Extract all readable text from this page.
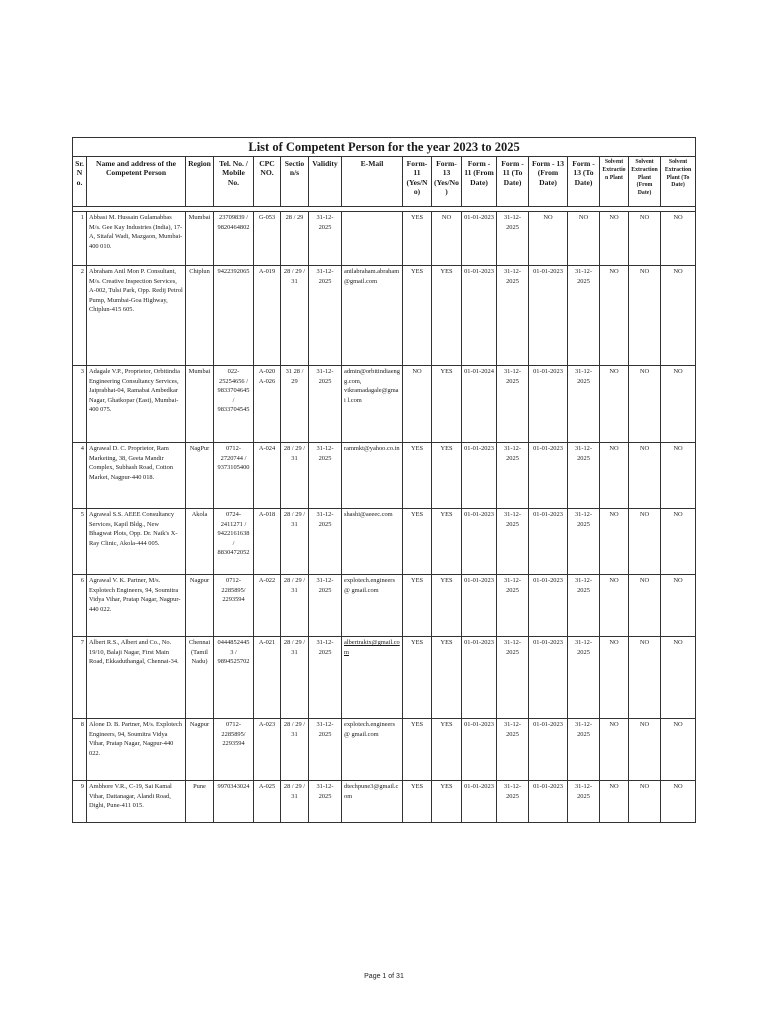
List of Competent Person for the year 2023 to 2025																
Sr. No.	Name and address of the Competent Person	Region	Tel. No. / Mobile No.	CPC NO.	Section/s	Validity	E-Mail	Form-11 (Yes/No)	Form-13 (Yes/No)	Form - 11 (From Date)	Form - 11 (To Date)	Form - 13 (From Date)	Form - 13 (To Date)	Solvent Extraction Plant	Solvent Extraction Plant (From Date)	Solvent Extraction Plant (To Date)

1	Abbasi M. Hussain Gulamabbas M/s. Gee Kay Industries (India), 17-A, Sitafal Wadi, Mazgaon, Mumbai-400 010.	Mumbai	23709839 / 9820464802	G-053	28 / 29	31-12-2025		YES	NO	01-01-2023	31-12-2025	NO	NO	NO	NO	NO
2	Abraham Anil Mon P. Consultant, M/s. Creative Inspection Services, A-002, Tulsi Park, Opp. Redij Petrol Pump, Mumbai-Goa Highway, Chiplun-415 605.	Chiplun	9422392065	A-019	28 / 29 / 31	31-12-2025	anilabraham.abraham @gmail.com	YES	YES	01-01-2023	31-12-2025	01-01-2023	31-12-2025	NO	NO	NO
3	Adagale V.P., Proprietor, Orbitindia Engineering Consultancy Services, Jaiprabhat-04, Ramabai Ambedkar Nagar, Ghatkopar (East), Mumbai-400 075.	Mumbai	022-25254656 / 9833704645 / 9833704545	A-020 A-026	31 28 / 29	31-12-2025	admin@orbitindiaeng g.com, vikramadagale@gmai l.com	NO	YES	01-01-2024	31-12-2025	01-01-2023	31-12-2025	NO	NO	NO
4	Agrawal D. C. Proprietor, Ram Marketing, 38, Geeta Mandir Complex, Subhash Road, Cotton Market, Nagpur-440 018.	NagPur	0712-2720744 / 9373105400	A-024	28 / 29 / 31	31-12-2025	rammkt@yahoo.co.in	YES	YES	01-01-2023	31-12-2025	01-01-2023	31-12-2025	NO	NO	NO
5	Agrawal S.S. AEEE Consultancy Services, Kapil Bldg., New Bhagwat Plots, Opp. Dr. Naik's X-Ray Clinic, Akola-444 005.	Akola	0724-2411271 / 9422161638 / 8830472052	A-018	28 / 29 / 31	31-12-2025	shashi@aeeec.com	YES	YES	01-01-2023	31-12-2025	01-01-2023	31-12-2025	NO	NO	NO
6	Agrawal V. K. Partner, M/s. Explotech Engineers, 94, Soumitra Vidya Vihar, Pratap Nagar, Nagpur-440 022.	Nagpur	0712-2285895/ 2293594	A-022	28 / 29 / 31	31-12-2025	explotech.engineers@ gmail.com	YES	YES	01-01-2023	31-12-2025	01-01-2023	31-12-2025	NO	NO	NO
7	Albert R.S., Albert and Co., No. 19/10, Balaji Nagar, First Main Road, Ekkaduthangal, Chennai-34.	Chennai (Tamil Nadu)	04448524453 / 9894525702	A-021	28 / 29 / 31	31-12-2025	albertraktx@gmail.co m	YES	YES	01-01-2023	31-12-2025	01-01-2023	31-12-2025	NO	NO	NO
8	Alone D. B. Partner, M/s. Explotech Engineers, 94, Soumitra Vidya Vihar, Pratap Nagar, Nagpur-440 022.	Nagpur	0712-2285895/ 2293594	A-023	28 / 29 / 31	31-12-2025	explotech.engineers@ gmail.com	YES	YES	01-01-2023	31-12-2025	01-01-2023	31-12-2025	NO	NO	NO
9	Ambhore V.R., C-19, Sai Kamal Vihar, Dattanagar, Alandi Road, Dighi, Pune-411 015.	Pune	9970343024	A-025	28 / 29 / 31	31-12-2025	dtechpune3@gmail.c om	YES	YES	01-01-2023	31-12-2025	01-01-2023	31-12-2025	NO	NO	NO
Page 1 of 31
